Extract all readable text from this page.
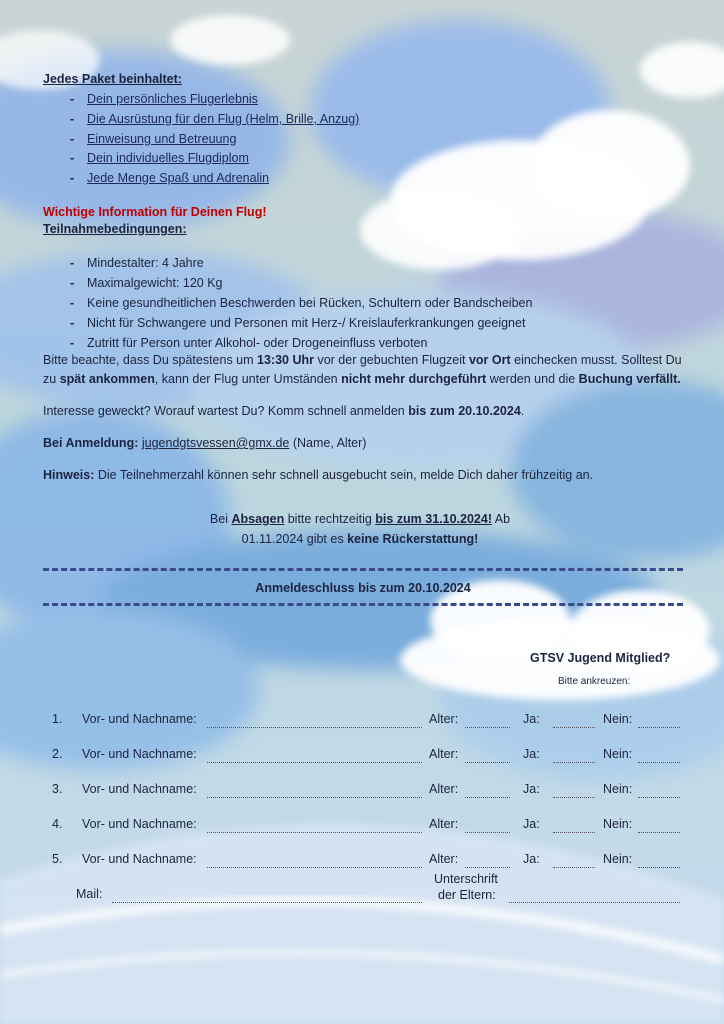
Jedes Paket beinhaltet:
- Dein persönliches Flugerlebnis
- Die Ausrüstung für den Flug (Helm, Brille, Anzug)
- Einweisung und Betreuung
- Dein individuelles Flugdiplom
- Jede Menge Spaß und Adrenalin
Wichtige Information für Deinen Flug!
Teilnahmebedingungen:
- Mindestalter: 4 Jahre
- Maximalgewicht: 120 Kg
- Keine gesundheitlichen Beschwerden bei Rücken, Schultern oder Bandscheiben
- Nicht für Schwangere und Personen mit Herz-/ Kreislauferkrankungen geeignet
- Zutritt für Person unter Alkohol- oder Drogeneinfluss verboten
Bitte beachte, dass Du spätestens um 13:30 Uhr vor der gebuchten Flugzeit vor Ort einchecken musst. Solltest Du zu spät ankommen, kann der Flug unter Umständen nicht mehr durchgeführt werden und die Buchung verfällt.
Interesse geweckt? Worauf wartest Du? Komm schnell anmelden bis zum 20.10.2024.
Bei Anmeldung: jugendgtsvessen@gmx.de (Name, Alter)
Hinweis: Die Teilnehmerzahl können sehr schnell ausgebucht sein, melde Dich daher frühzeitig an.
Bei Absagen bitte rechtzeitig bis zum 31.10.2024! Ab
01.11.2024 gibt es keine Rückerstattung!
Anmeldeschluss bis zum 20.10.2024
GTSV Jugend Mitglied?
Bitte ankreuzen:
1. Vor- und Nachname:	Alter:	Ja:	Nein:
2. Vor- und Nachname:	Alter:	Ja:	Nein:
3. Vor- und Nachname:	Alter:	Ja:	Nein:
4. Vor- und Nachname:	Alter:	Ja:	Nein:
5. Vor- und Nachname:	Alter:	Ja:	Nein:
Mail:
Unterschrift
der Eltern:
